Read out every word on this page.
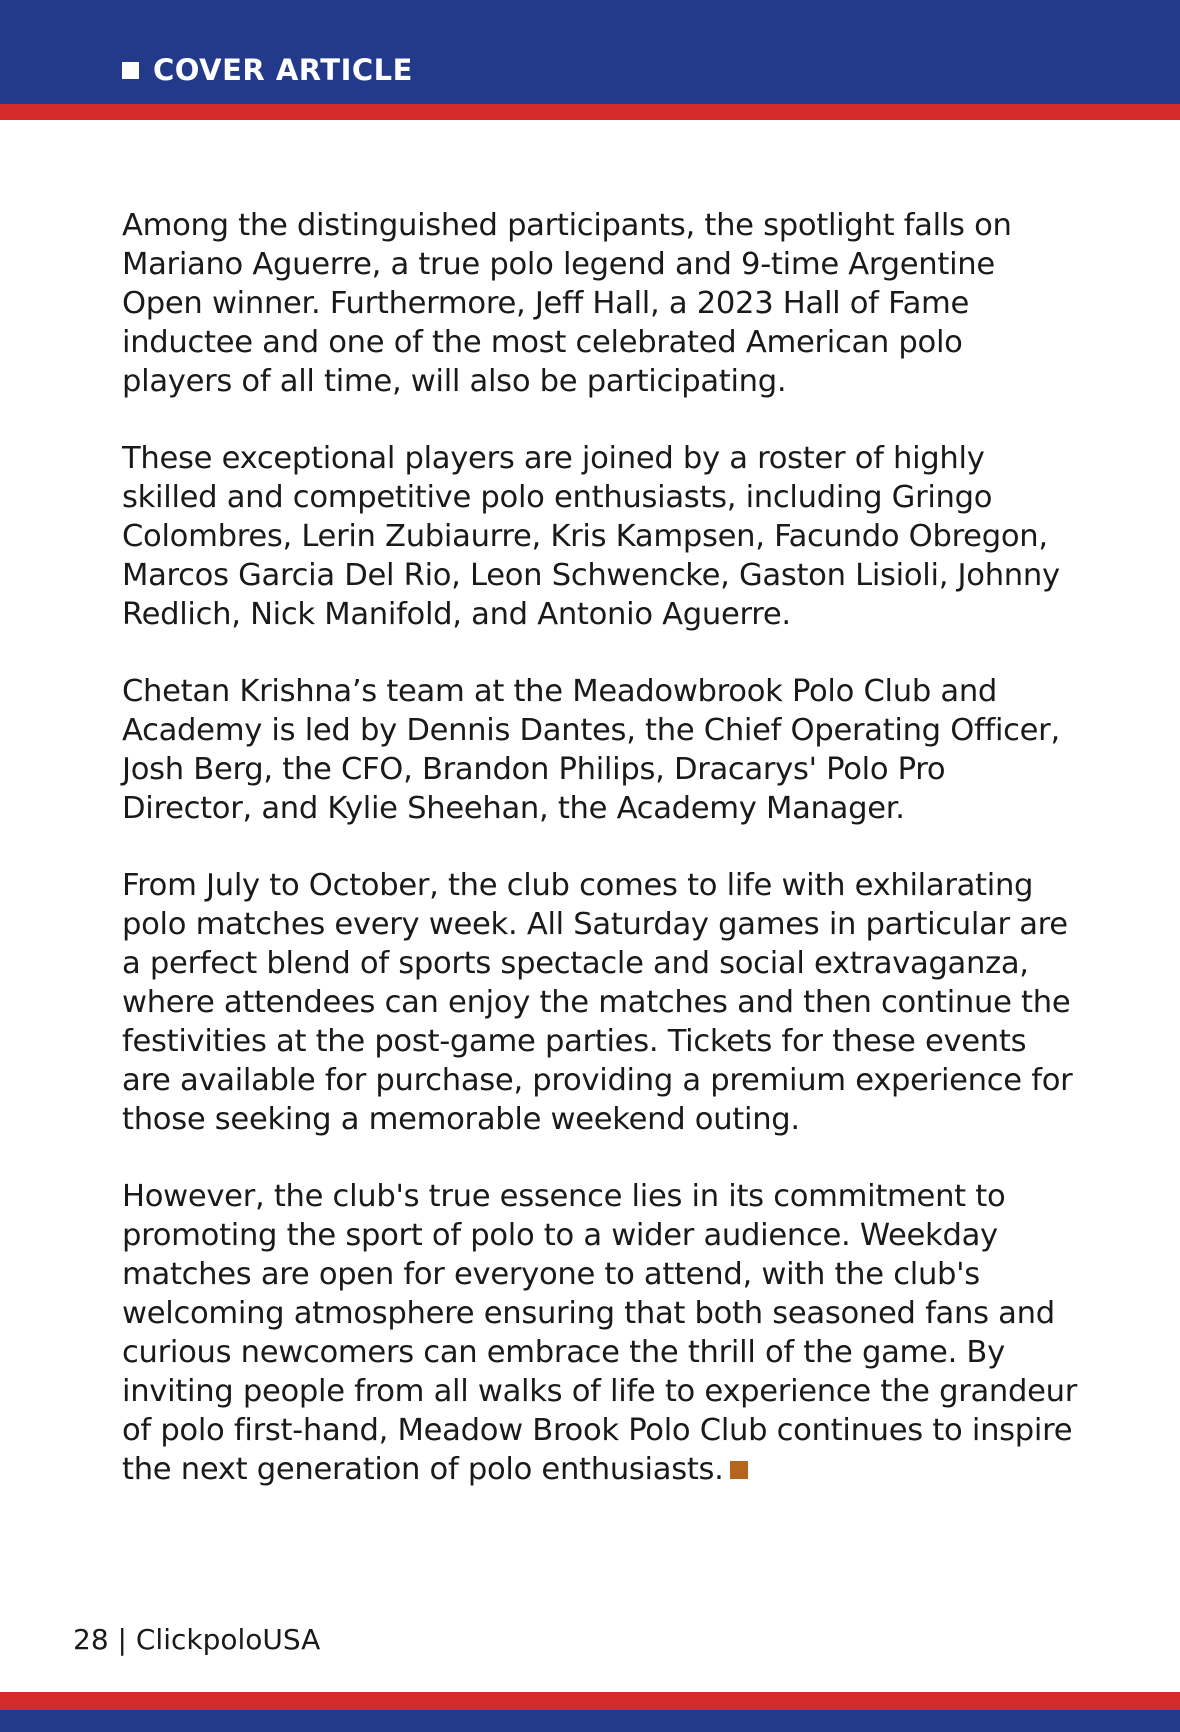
COVER ARTICLE

Among the distinguished participants, the spotlight falls on Mariano Aguerre, a true polo legend and 9-time Argentine Open winner. Furthermore, Jeff Hall, a 2023 Hall of Fame inductee and one of the most celebrated American polo players of all time, will also be participating.

These exceptional players are joined by a roster of highly skilled and competitive polo enthusiasts, including Gringo Colombres, Lerin Zubiaurre, Kris Kampsen, Facundo Obregon, Marcos Garcia Del Rio, Leon Schwencke, Gaston Lisioli, Johnny Redlich, Nick Manifold, and Antonio Aguerre.

Chetan Krishna’s team at the Meadowbrook Polo Club and Academy is led by Dennis Dantes, the Chief Operating Officer, Josh Berg, the CFO, Brandon Philips, Dracarys' Polo Pro Director, and Kylie Sheehan, the Academy Manager.

From July to October, the club comes to life with exhilarating polo matches every week. All Saturday games in particular are a perfect blend of sports spectacle and social extravaganza, where attendees can enjoy the matches and then continue the festivities at the post-game parties. Tickets for these events are available for purchase, providing a premium experience for those seeking a memorable weekend outing.

However, the club's true essence lies in its commitment to promoting the sport of polo to a wider audience. Weekday matches are open for everyone to attend, with the club's welcoming atmosphere ensuring that both seasoned fans and curious newcomers can embrace the thrill of the game. By inviting people from all walks of life to experience the grandeur of polo first-hand, Meadow Brook Polo Club continues to inspire the next generation of polo enthusiasts.

28 | ClickpoloUSA
